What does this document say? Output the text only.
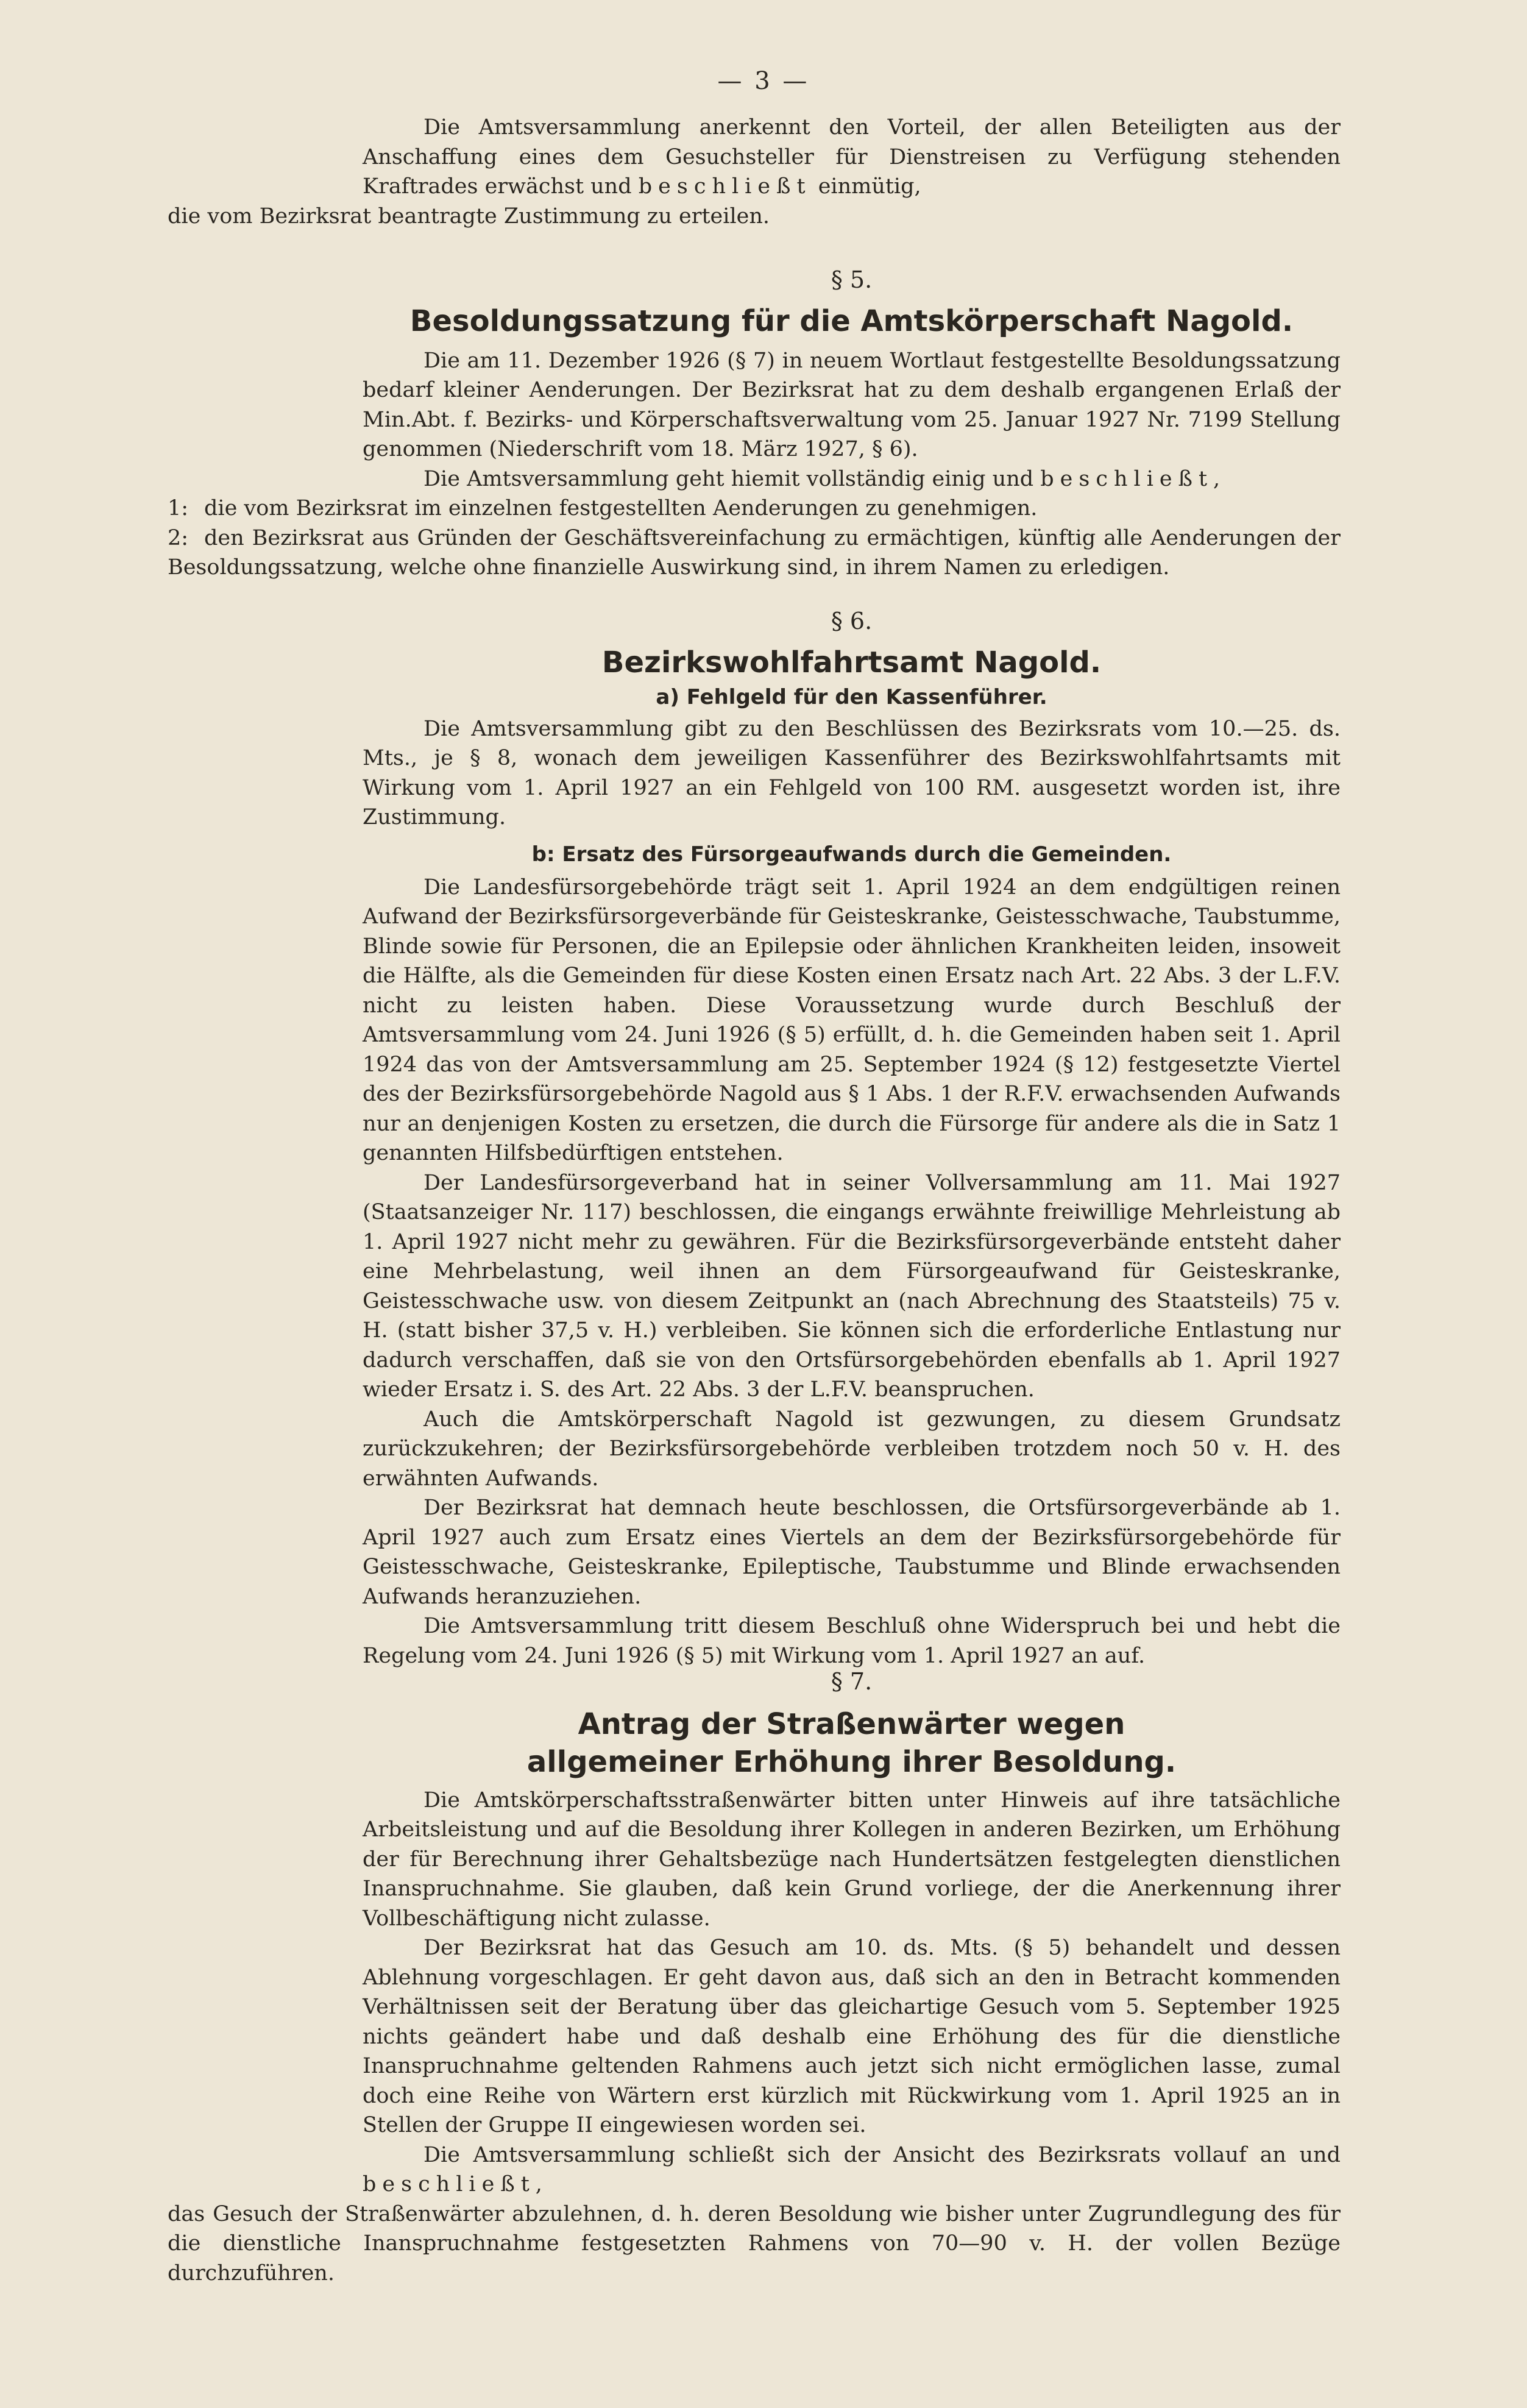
— 3 —

Die Amtsversammlung anerkennt den Vorteil, der allen Beteiligten aus der Anschaffung eines dem Gesuchsteller für Dienstreisen zu Verfügung stehenden Kraftrades erwächst und beschließt einmütig,

die vom Bezirksrat beantragte Zustimmung zu erteilen.

§ 5.

Besoldungssatzung für die Amtskörperschaft Nagold.

Die am 11. Dezember 1926 (§ 7) in neuem Wortlaut festgestellte Besoldungssatzung bedarf kleiner Aenderungen. Der Bezirksrat hat zu dem deshalb ergangenen Erlaß der Min.Abt. f. Bezirks- und Körperschaftsverwaltung vom 25. Januar 1927 Nr. 7199 Stellung genommen (Niederschrift vom 18. März 1927, § 6).

Die Amtsversammlung geht hiemit vollständig einig und beschließt,

1: die vom Bezirksrat im einzelnen festgestellten Aenderungen zu genehmigen.

2: den Bezirksrat aus Gründen der Geschäftsvereinfachung zu ermächtigen, künftig alle Aenderungen der Besoldungssatzung, welche ohne finanzielle Auswirkung sind, in ihrem Namen zu erledigen.

§ 6.

Bezirkswohlfahrtsamt Nagold.

a) Fehlgeld für den Kassenführer.

Die Amtsversammlung gibt zu den Beschlüssen des Bezirksrats vom 10.—25. ds. Mts., je § 8, wonach dem jeweiligen Kassenführer des Bezirkswohlfahrtsamts mit Wirkung vom 1. April 1927 an ein Fehlgeld von 100 RM. ausgesetzt worden ist, ihre Zustimmung.

b: Ersatz des Fürsorgeaufwands durch die Gemeinden.

Die Landesfürsorgebehörde trägt seit 1. April 1924 an dem endgültigen reinen Aufwand der Bezirksfürsorgeverbände für Geisteskranke, Geistesschwache, Taubstumme, Blinde sowie für Personen, die an Epilepsie oder ähnlichen Krankheiten leiden, insoweit die Hälfte, als die Gemeinden für diese Kosten einen Ersatz nach Art. 22 Abs. 3 der L.F.V. nicht zu leisten haben. Diese Voraussetzung wurde durch Beschluß der Amtsversammlung vom 24. Juni 1926 (§ 5) erfüllt, d. h. die Gemeinden haben seit 1. April 1924 das von der Amtsversammlung am 25. September 1924 (§ 12) festgesetzte Viertel des der Bezirksfürsorgebehörde Nagold aus § 1 Abs. 1 der R.F.V. erwachsenden Aufwands nur an denjenigen Kosten zu ersetzen, die durch die Fürsorge für andere als die in Satz 1 genannten Hilfsbedürftigen entstehen.

Der Landesfürsorgeverband hat in seiner Vollversammlung am 11. Mai 1927 (Staatsanzeiger Nr. 117) beschlossen, die eingangs erwähnte freiwillige Mehrleistung ab 1. April 1927 nicht mehr zu gewähren. Für die Bezirksfürsorgeverbände entsteht daher eine Mehrbelastung, weil ihnen an dem Fürsorgeaufwand für Geisteskranke, Geistesschwache usw. von diesem Zeitpunkt an (nach Abrechnung des Staatsteils) 75 v. H. (statt bisher 37,5 v. H.) verbleiben. Sie können sich die erforderliche Entlastung nur dadurch verschaffen, daß sie von den Ortsfürsorgebehörden ebenfalls ab 1. April 1927 wieder Ersatz i. S. des Art. 22 Abs. 3 der L.F.V. beanspruchen.

Auch die Amtskörperschaft Nagold ist gezwungen, zu diesem Grundsatz zurückzukehren; der Bezirksfürsorgebehörde verbleiben trotzdem noch 50 v. H. des erwähnten Aufwands.

Der Bezirksrat hat demnach heute beschlossen, die Ortsfürsorgeverbände ab 1. April 1927 auch zum Ersatz eines Viertels an dem der Bezirksfürsorgebehörde für Geistesschwache, Geisteskranke, Epileptische, Taubstumme und Blinde erwachsenden Aufwands heranzuziehen.

Die Amtsversammlung tritt diesem Beschluß ohne Widerspruch bei und hebt die Regelung vom 24. Juni 1926 (§ 5) mit Wirkung vom 1. April 1927 an auf.

§ 7.

Antrag der Straßenwärter wegen

allgemeiner Erhöhung ihrer Besoldung.

Die Amtskörperschaftsstraßenwärter bitten unter Hinweis auf ihre tatsächliche Arbeitsleistung und auf die Besoldung ihrer Kollegen in anderen Bezirken, um Erhöhung der für Berechnung ihrer Gehaltsbezüge nach Hundertsätzen festgelegten dienstlichen Inanspruchnahme. Sie glauben, daß kein Grund vorliege, der die Anerkennung ihrer Vollbeschäftigung nicht zulasse.

Der Bezirksrat hat das Gesuch am 10. ds. Mts. (§ 5) behandelt und dessen Ablehnung vorgeschlagen. Er geht davon aus, daß sich an den in Betracht kommenden Verhältnissen seit der Beratung über das gleichartige Gesuch vom 5. September 1925 nichts geändert habe und daß deshalb eine Erhöhung des für die dienstliche Inanspruchnahme geltenden Rahmens auch jetzt sich nicht ermöglichen lasse, zumal doch eine Reihe von Wärtern erst kürzlich mit Rückwirkung vom 1. April 1925 an in Stellen der Gruppe II eingewiesen worden sei.

Die Amtsversammlung schließt sich der Ansicht des Bezirksrats vollauf an und beschließt,

das Gesuch der Straßenwärter abzulehnen, d. h. deren Besoldung wie bisher unter Zugrundlegung des für die dienstliche Inanspruchnahme festgesetzten Rahmens von 70—90 v. H. der vollen Bezüge durchzuführen.
